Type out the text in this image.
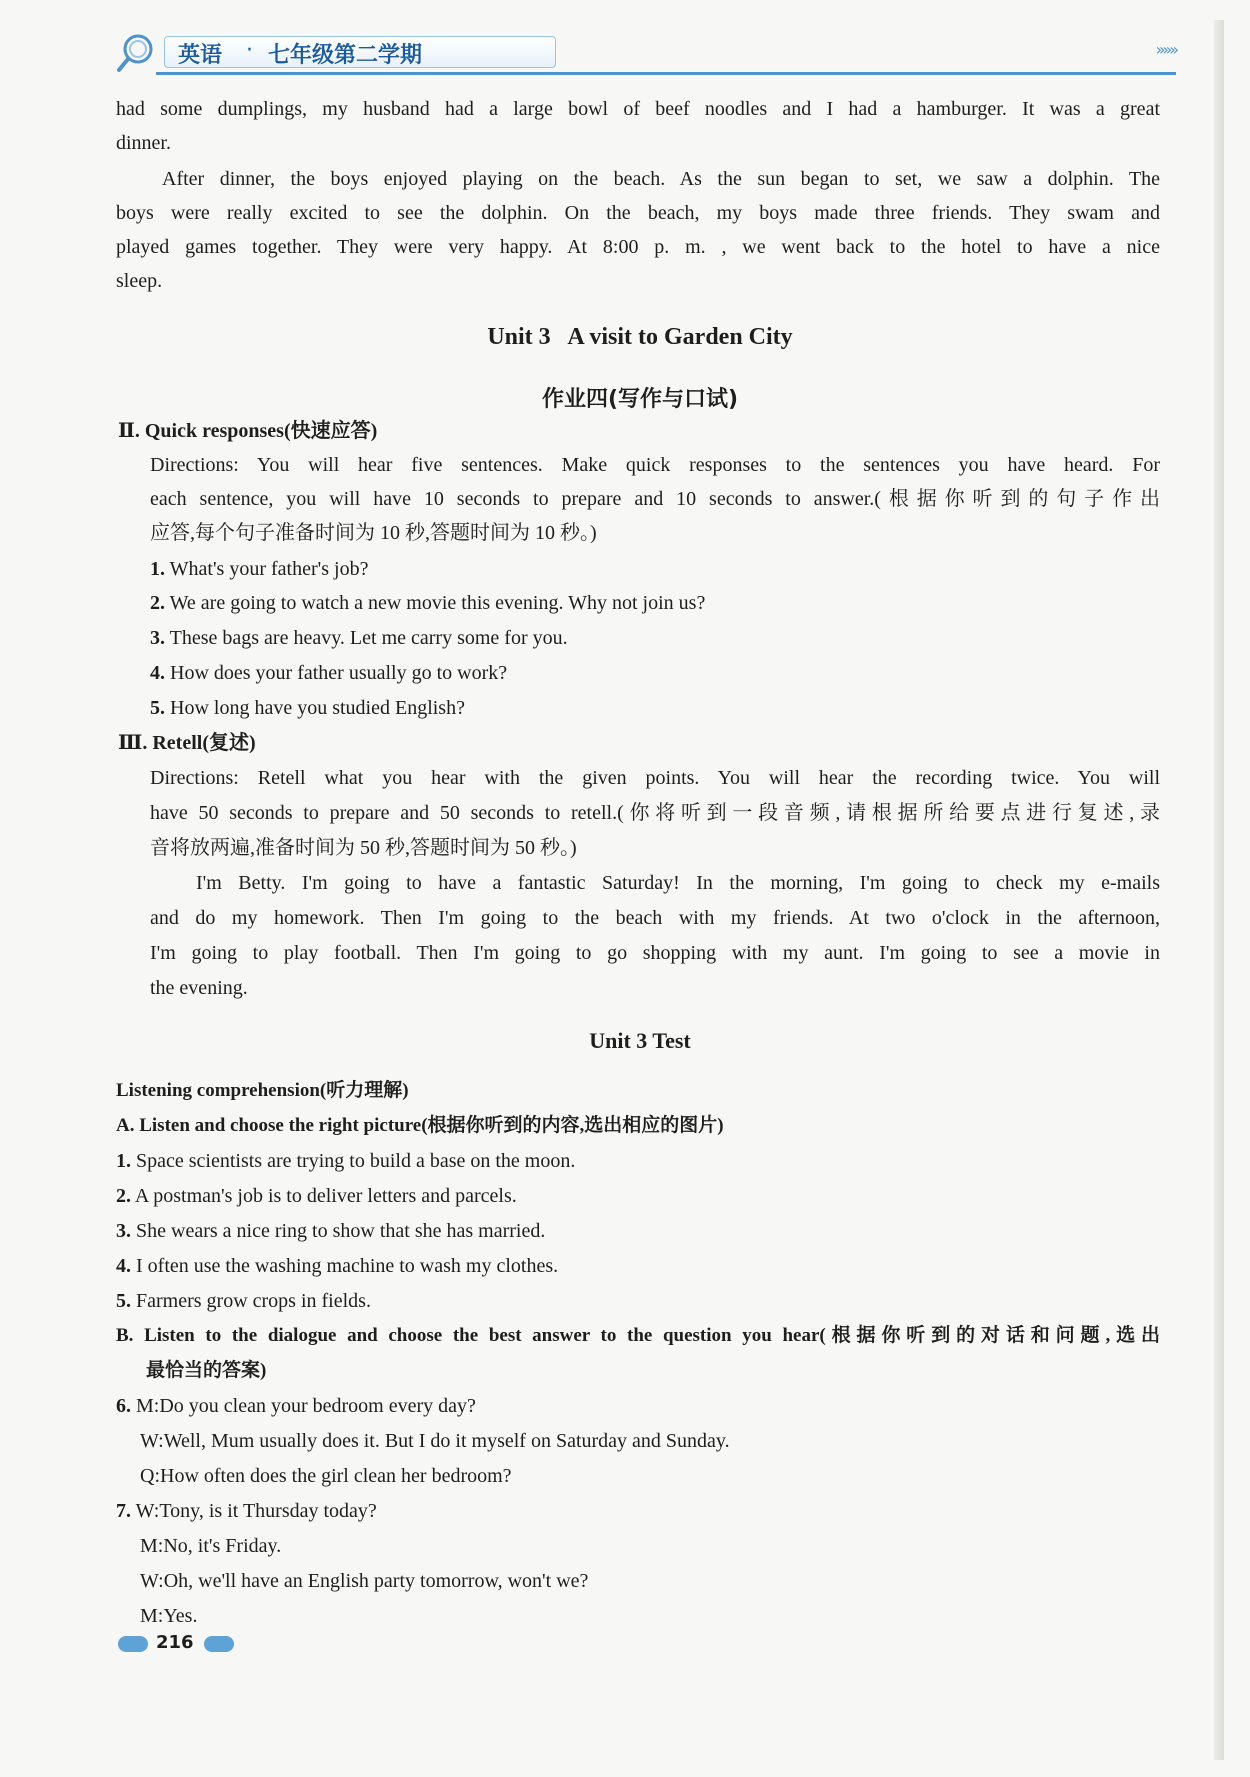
英语 · 七年级第二学期	››››››
had some dumplings, my husband had a large bowl of beef noodles and I had a hamburger. It was a great
dinner.
After dinner, the boys enjoyed playing on the beach. As the sun began to set, we saw a dolphin. The
boys were really excited to see the dolphin. On the beach, my boys made three friends. They swam and
played games together. They were very happy. At 8:00 p. m. , we went back to the hotel to have a nice
sleep.
Unit 3   A visit to Garden City
作业四(写作与口试)
Ⅱ. Quick responses(快速应答)
Directions: You will hear five sentences. Make quick responses to the sentences you have heard. For
each sentence, you will have 10 seconds to prepare and 10 seconds to answer.(根据你听到的句子作出
应答,每个句子准备时间为 10 秒,答题时间为 10 秒。)
1. What's your father's job?
2. We are going to watch a new movie this evening. Why not join us?
3. These bags are heavy. Let me carry some for you.
4. How does your father usually go to work?
5. How long have you studied English?
Ⅲ. Retell(复述)
Directions: Retell what you hear with the given points. You will hear the recording twice. You will
have 50 seconds to prepare and 50 seconds to retell.(你将听到一段音频,请根据所给要点进行复述,录
音将放两遍,准备时间为 50 秒,答题时间为 50 秒。)
I'm Betty. I'm going to have a fantastic Saturday! In the morning, I'm going to check my e-mails
and do my homework. Then I'm going to the beach with my friends. At two o'clock in the afternoon,
I'm going to play football. Then I'm going to go shopping with my aunt. I'm going to see a movie in
the evening.
Unit 3 Test
Listening comprehension(听力理解)
A. Listen and choose the right picture(根据你听到的内容,选出相应的图片)
1. Space scientists are trying to build a base on the moon.
2. A postman's job is to deliver letters and parcels.
3. She wears a nice ring to show that she has married.
4. I often use the washing machine to wash my clothes.
5. Farmers grow crops in fields.
B. Listen to the dialogue and choose the best answer to the question you hear(根据你听到的对话和问题,选出
最恰当的答案)
6. M:Do you clean your bedroom every day?
W:Well, Mum usually does it. But I do it myself on Saturday and Sunday.
Q:How often does the girl clean her bedroom?
7. W:Tony, is it Thursday today?
M:No, it's Friday.
W:Oh, we'll have an English party tomorrow, won't we?
M:Yes.
216
